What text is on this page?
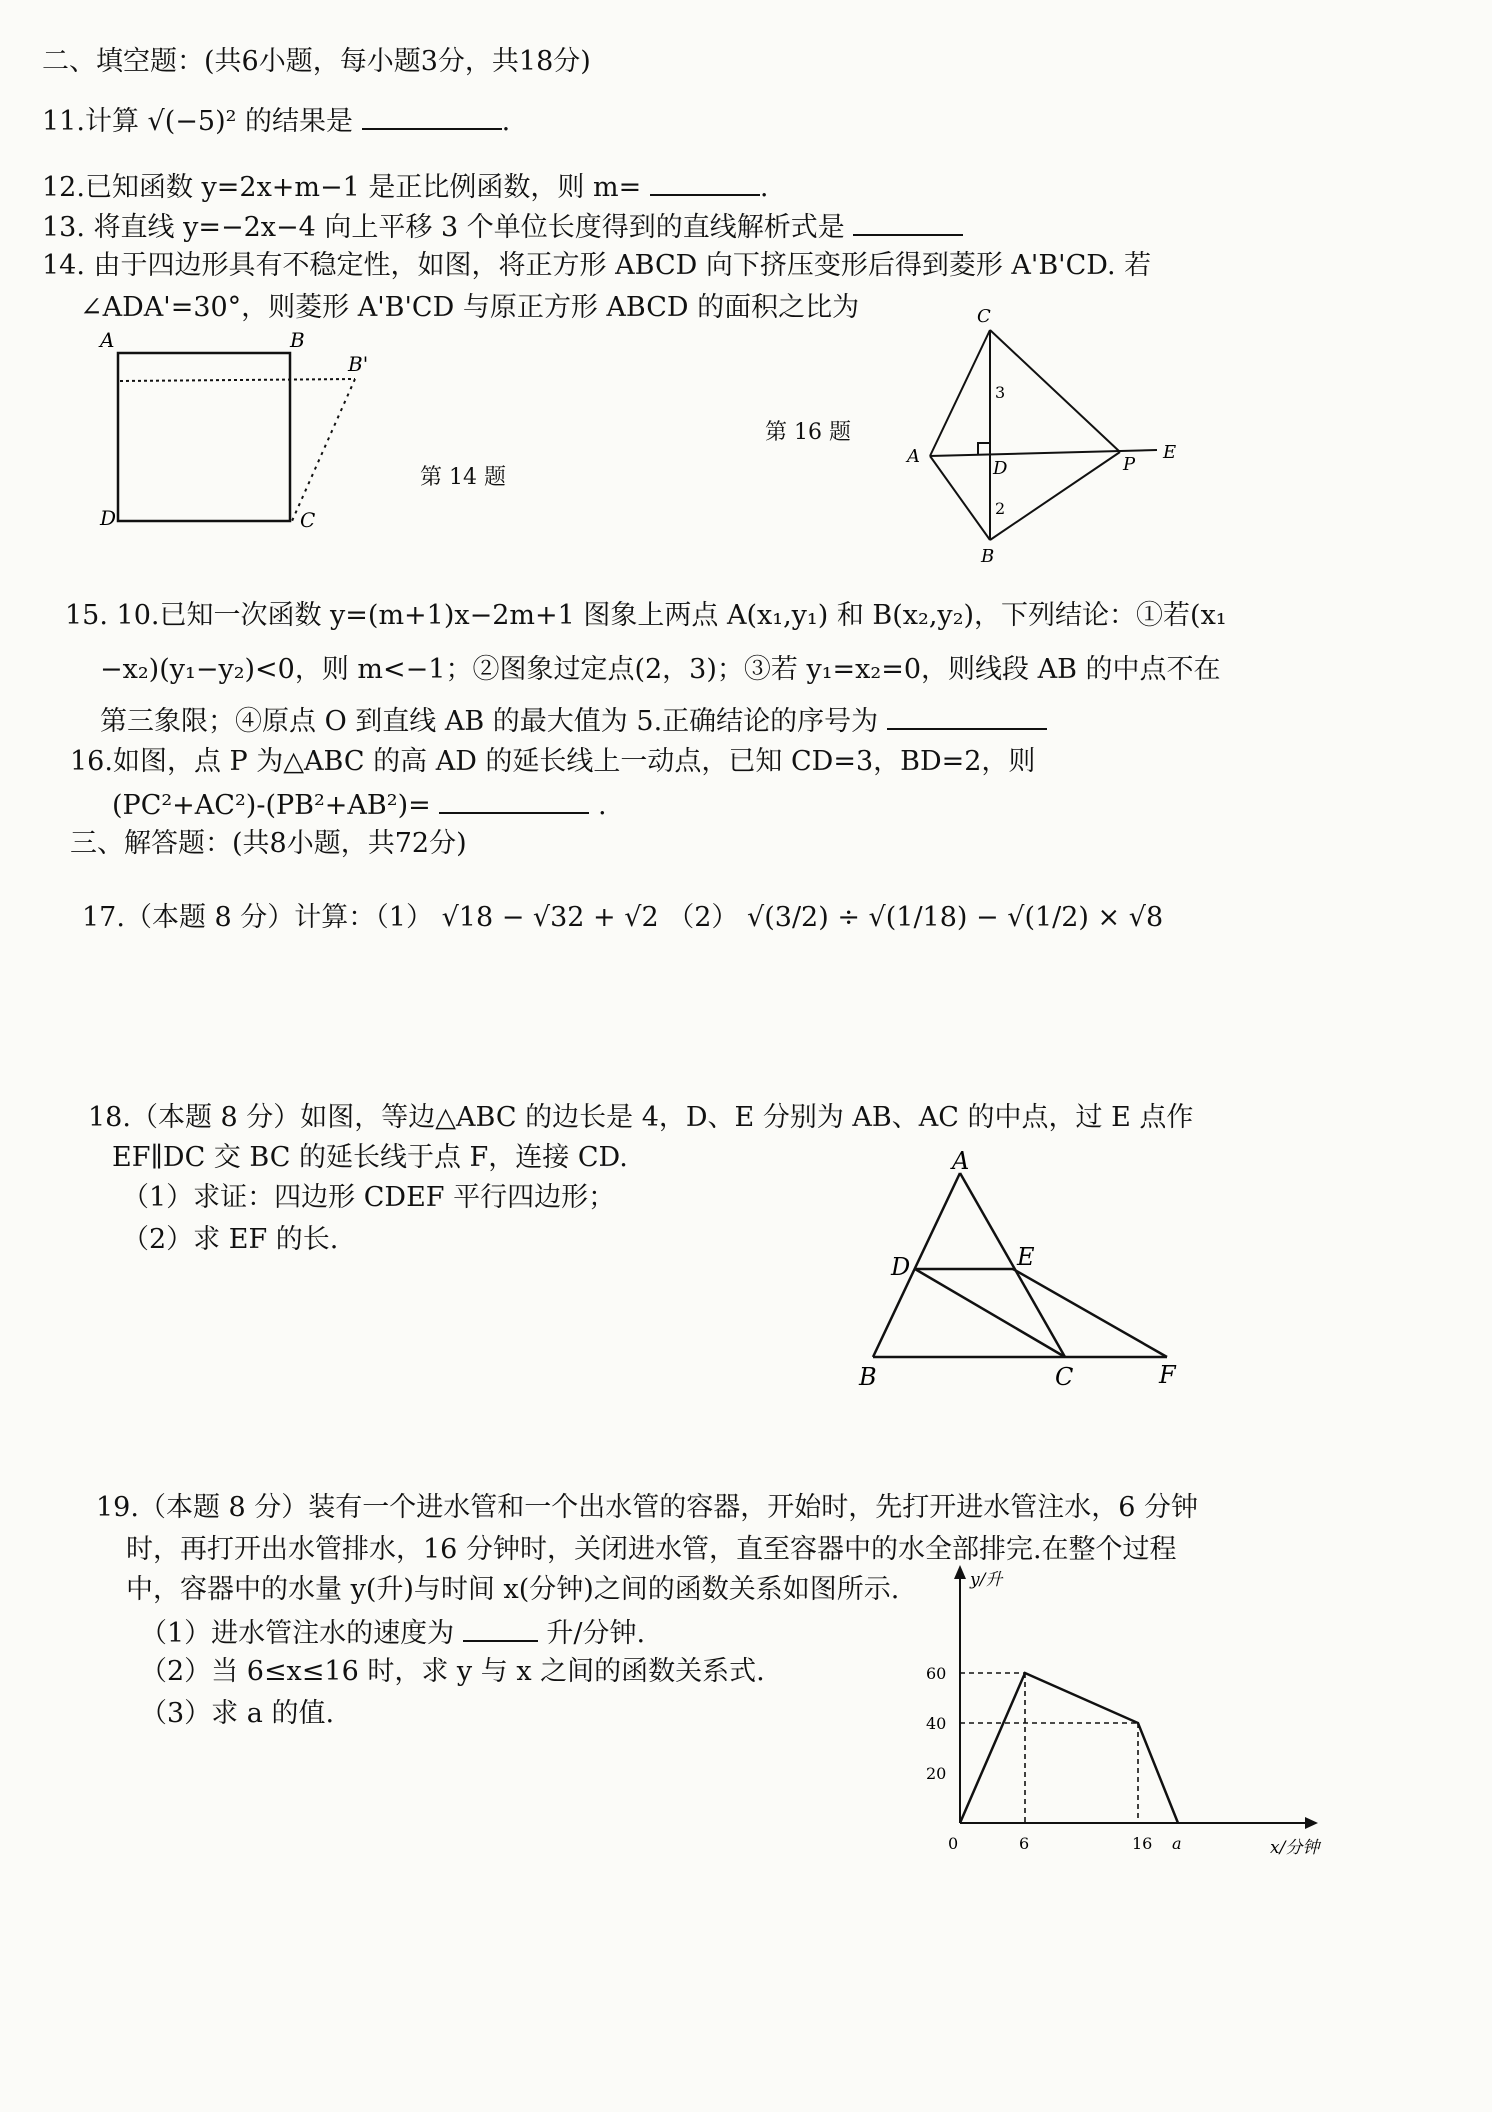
二、填空题：(共6小题，每小题3分，共18分)
11.计算 √(−5)² 的结果是	.
12.已知函数 y=2x+m−1 是正比例函数，则 m=	.
13. 将直线 y=−2x−4 向上平移 3 个单位长度得到的直线解析式是
14. 由于四边形具有不稳定性，如图，将正方形 ABCD 向下挤压变形后得到菱形 A'B'CD. 若
∠ADA'=30°，则菱形 A'B'CD 与原正方形 ABCD 的面积之比为
A	B
B'
D	C
第 14 题
第 16 题
C
A
D	P
E
B
3
2
15. 10.已知一次函数 y=(m+1)x−2m+1 图象上两点 A(x₁,y₁) 和 B(x₂,y₂)，下列结论：①若(x₁
−x₂)(y₁−y₂)<0，则 m<−1；②图象过定点(2，3)；③若 y₁=x₂=0，则线段 AB 的中点不在
第三象限；④原点 O 到直线 AB 的最大值为 5.正确结论的序号为
16.如图，点 P 为△ABC 的高 AD 的延长线上一动点，已知 CD=3，BD=2，则
(PC²+AC²)-(PB²+AB²)=	.
三、解答题：(共8小题，共72分)
17.（本题 8 分）计算：（1） √18 − √32 + √2 （2） √(3/2) ÷ √(1/18) − √(1/2) × √8
18.（本题 8 分）如图，等边△ABC 的边长是 4，D、E 分别为 AB、AC 的中点，过 E 点作
EF∥DC 交 BC 的延长线于点 F，连接 CD.
（1）求证：四边形 CDEF 平行四边形；
（2）求 EF 的长.
A
D	E
B	C	F
19.（本题 8 分）装有一个进水管和一个出水管的容器，开始时，先打开进水管注水，6 分钟
时，再打开出水管排水，16 分钟时，关闭进水管，直至容器中的水全部排完.在整个过程
中，容器中的水量 y(升)与时间 x(分钟)之间的函数关系如图所示.
（1）进水管注水的速度为	升/分钟.
（2）当 6≤x≤16 时，求 y 与 x 之间的函数关系式.
（3）求 a 的值.
y/升
x/分钟
20
40
60
0	6	16 a
